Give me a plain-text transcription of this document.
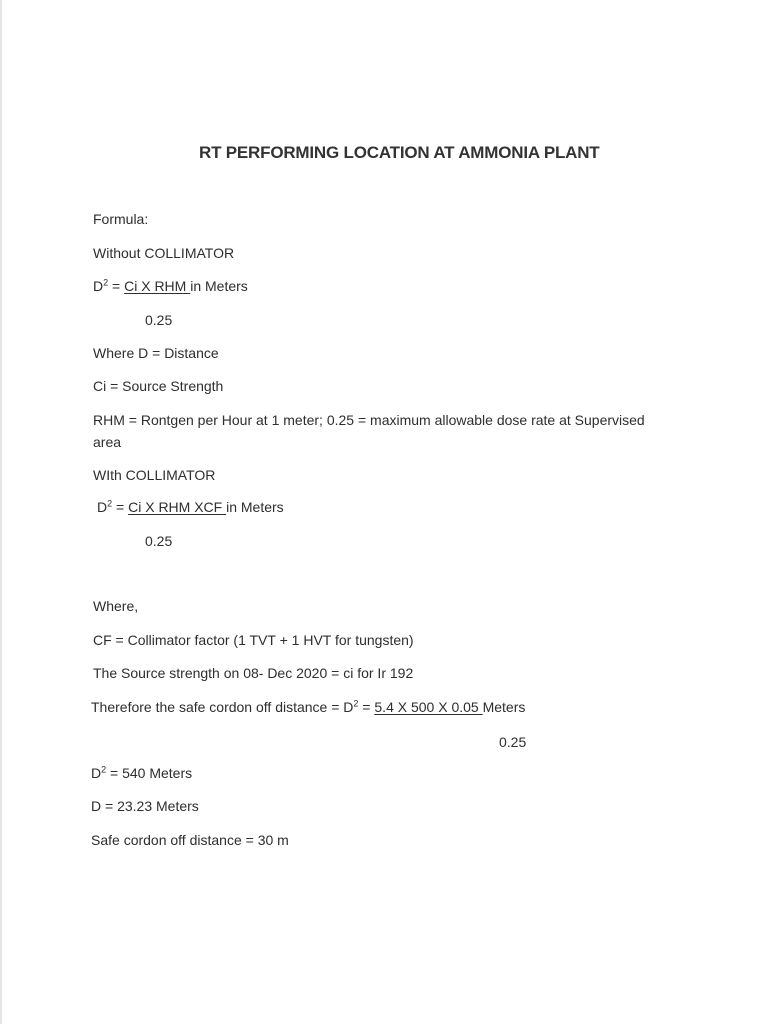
RT PERFORMING LOCATION AT AMMONIA PLANT
Formula:
Without COLLIMATOR
$D^2 = Ci$ X RHM in Meters
0.25
Where D = Distance
Ci = Source Strength
RHM = Rontgen per Hour at 1 meter; 0.25 = maximum allowable dose rate at Supervised area
WIth COLLIMATOR
$D^2 = Ci$ X RHM XCF in Meters
0.25
Where,
CF = Collimator factor (1 TVT + 1 HVT for tungsten)
The Source strength on 08- Dec 2020 = ci for Ir 192
Therefore the safe cordon off distance = $D^2 = 5.4$ X 500 X 0.05 Meters
0.25
$D^2 = 540$ Meters
D = 23.23 Meters
Safe cordon off distance = 30 m
